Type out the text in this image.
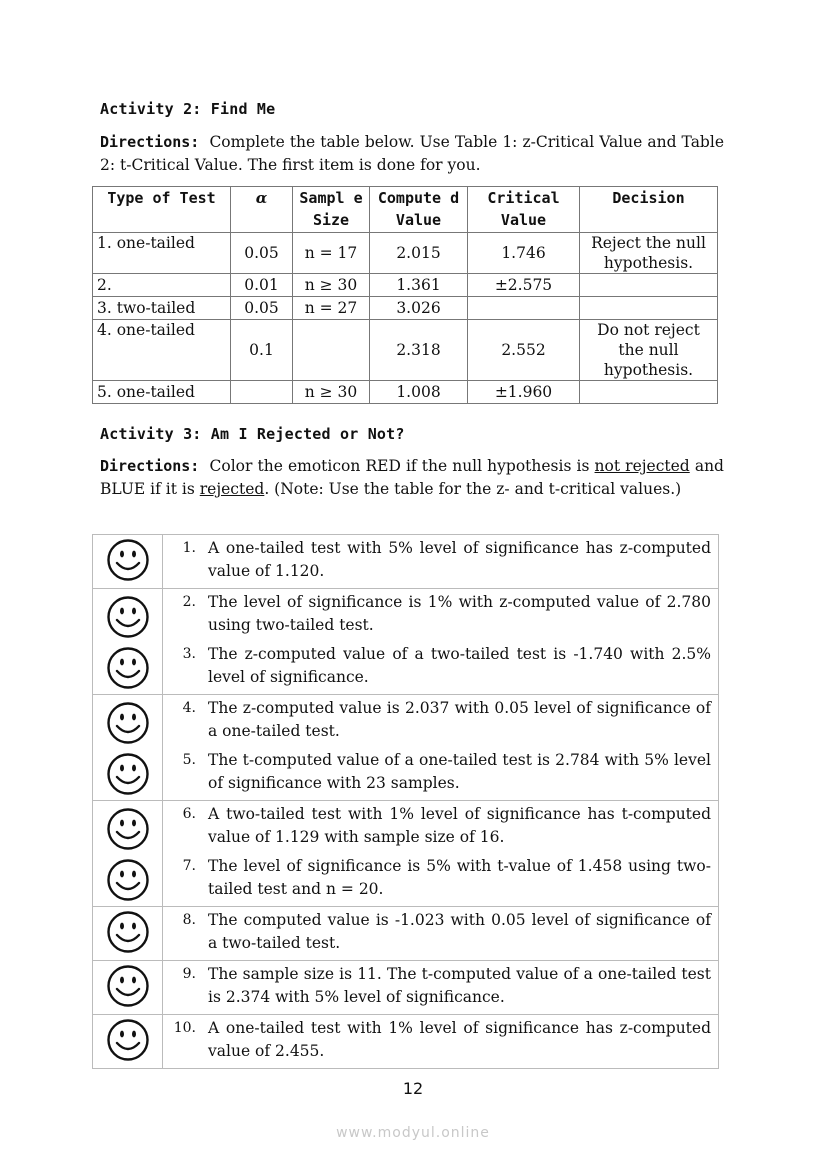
Activity 2: Find Me
Directions: Complete the table below. Use Table 1: z-Critical Value and Table 2: t-Critical Value. The first item is done for you.
Type of Test	α	Sampl e Size	Compute d Value	Critical Value	Decision
1. one-tailed	0.05	n = 17	2.015	1.746	Reject the null hypothesis.
2.	0.01	n ≥ 30	1.361	±2.575	
3. two-tailed	0.05	n = 27	3.026		
4. one-tailed	0.1		2.318	2.552	Do not reject the null hypothesis.
5. one-tailed		n ≥ 30	1.008	±1.960	
Activity 3: Am I Rejected or Not?
Directions: Color the emoticon RED if the null hypothesis is not rejected and BLUE if it is rejected. (Note: Use the table for the z- and t-critical values.)

1. A one-tailed test with 5% level of significance has z-computed value of 1.120.

2. The level of significance is 1% with z-computed value of 2.780 using two-tailed test.
3. The z-computed value of a two-tailed test is -1.740 with 2.5% level of significance.

4. The z-computed value is 2.037 with 0.05 level of significance of a one-tailed test.
5. The t-computed value of a one-tailed test is 2.784 with 5% level of significance with 23 samples.

6. A two-tailed test with 1% level of significance has t-computed value of 1.129 with sample size of 16.
7. The level of significance is 5% with t-value of 1.458 using two-tailed test and n = 20.

8. The computed value is -1.023 with 0.05 level of significance of a two-tailed test.

9. The sample size is 11. The t-computed value of a one-tailed test is 2.374 with 5% level of significance.

10. A one-tailed test with 1% level of significance has z-computed value of 2.455.
12
www.modyul.online
